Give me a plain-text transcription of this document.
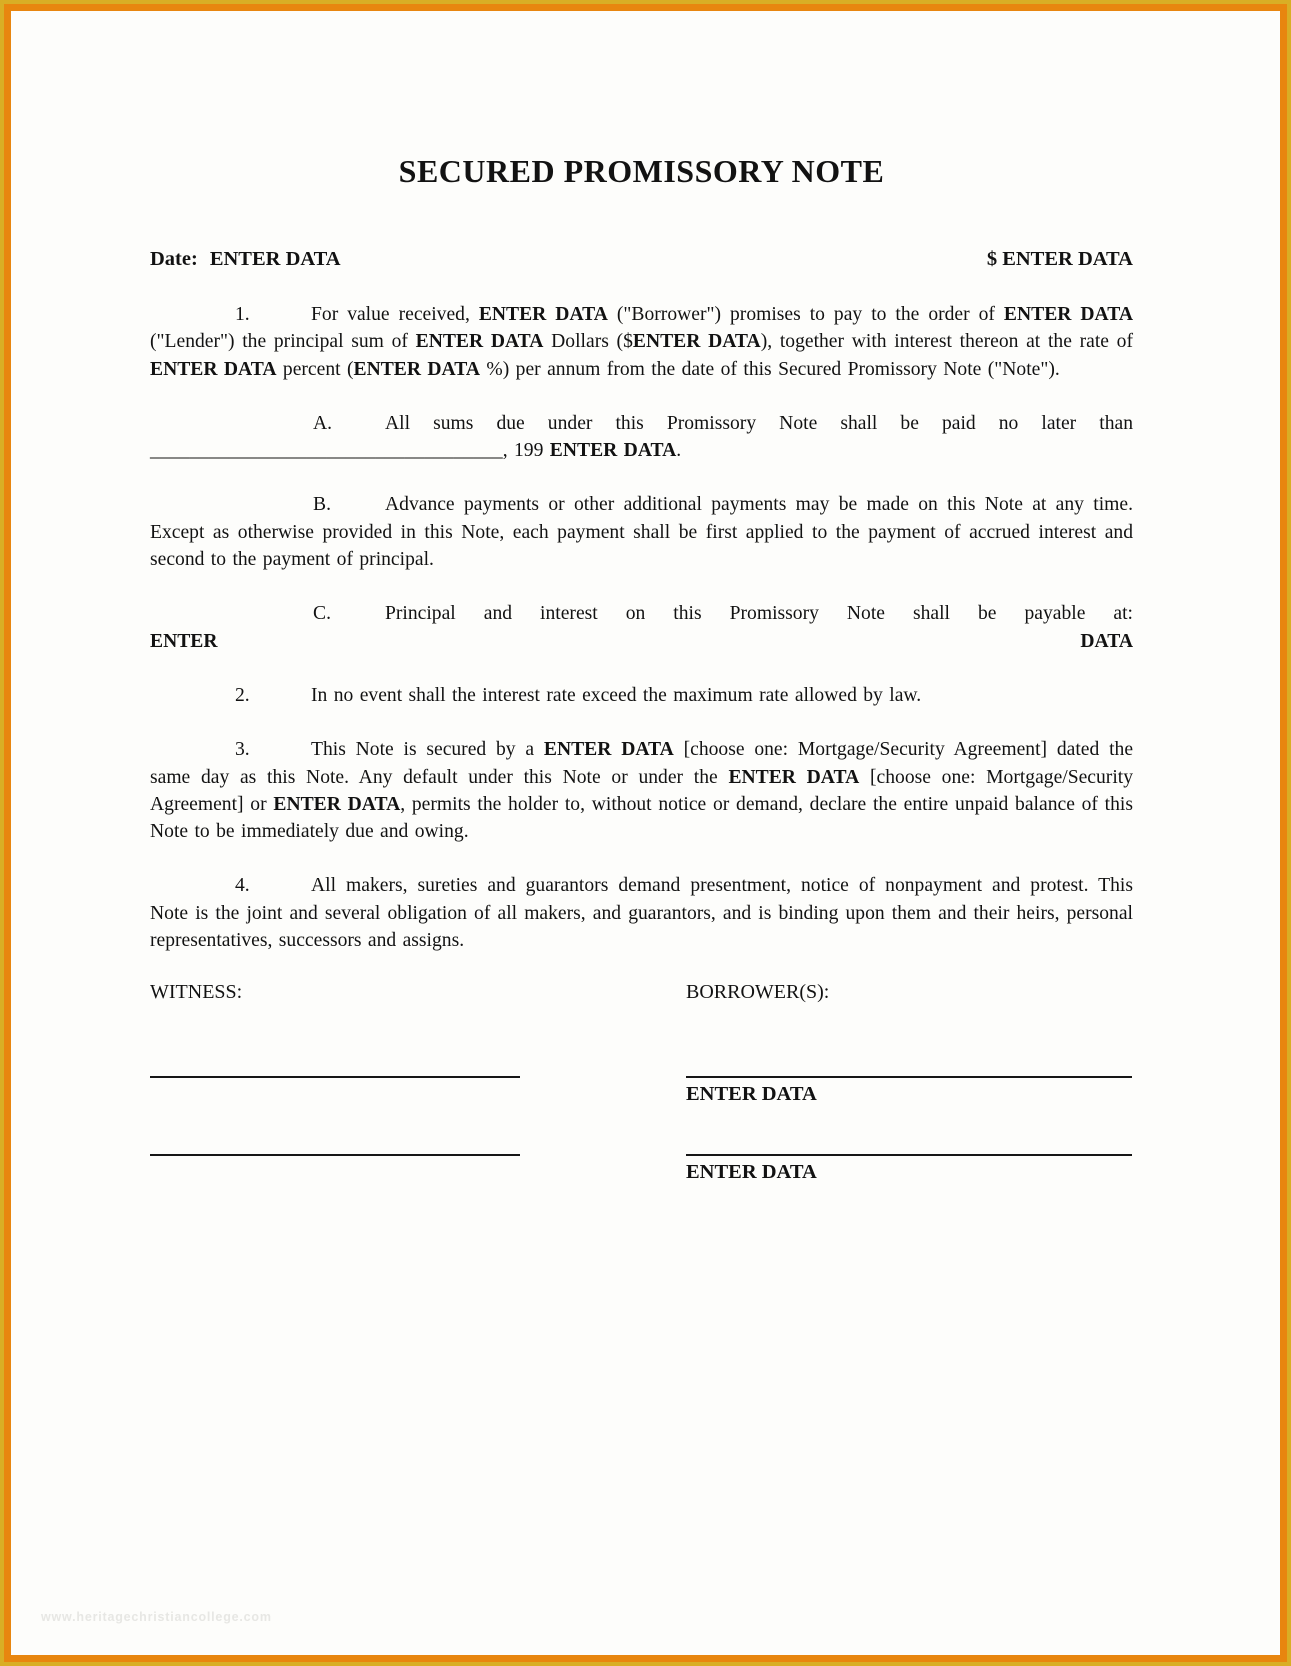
SECURED PROMISSORY NOTE
Date: ENTER DATA	$ ENTER DATA

1.	For value received, ENTER DATA ("Borrower") promises to pay to the order of ENTER DATA ("Lender") the principal sum of ENTER DATA Dollars ($ENTER DATA), together with interest thereon at the rate of ENTER DATA percent (ENTER DATA %) per annum from the date of this Secured Promissory Note ("Note").

A.	All sums due under this Promissory Note shall be paid no later than ____________________________________, 199 ENTER DATA.

B.	Advance payments or other additional payments may be made on this Note at any time. Except as otherwise provided in this Note, each payment shall be first applied to the payment of accrued interest and second to the payment of principal.

C.	Principal and interest on this Promissory Note shall be payable at:
ENTER DATA

2.	In no event shall the interest rate exceed the maximum rate allowed by law.

3.	This Note is secured by a ENTER DATA [choose one: Mortgage/Security Agreement] dated the same day as this Note. Any default under this Note or under the ENTER DATA [choose one: Mortgage/Security Agreement] or ENTER DATA, permits the holder to, without notice or demand, declare the entire unpaid balance of this Note to be immediately due and owing.

4.	All makers, sureties and guarantors demand presentment, notice of nonpayment and protest. This Note is the joint and several obligation of all makers, and guarantors, and is binding upon them and their heirs, personal representatives, successors and assigns.

WITNESS:	BORROWER(S):
ENTER DATA
ENTER DATA
www.heritagechristiancollege.com
